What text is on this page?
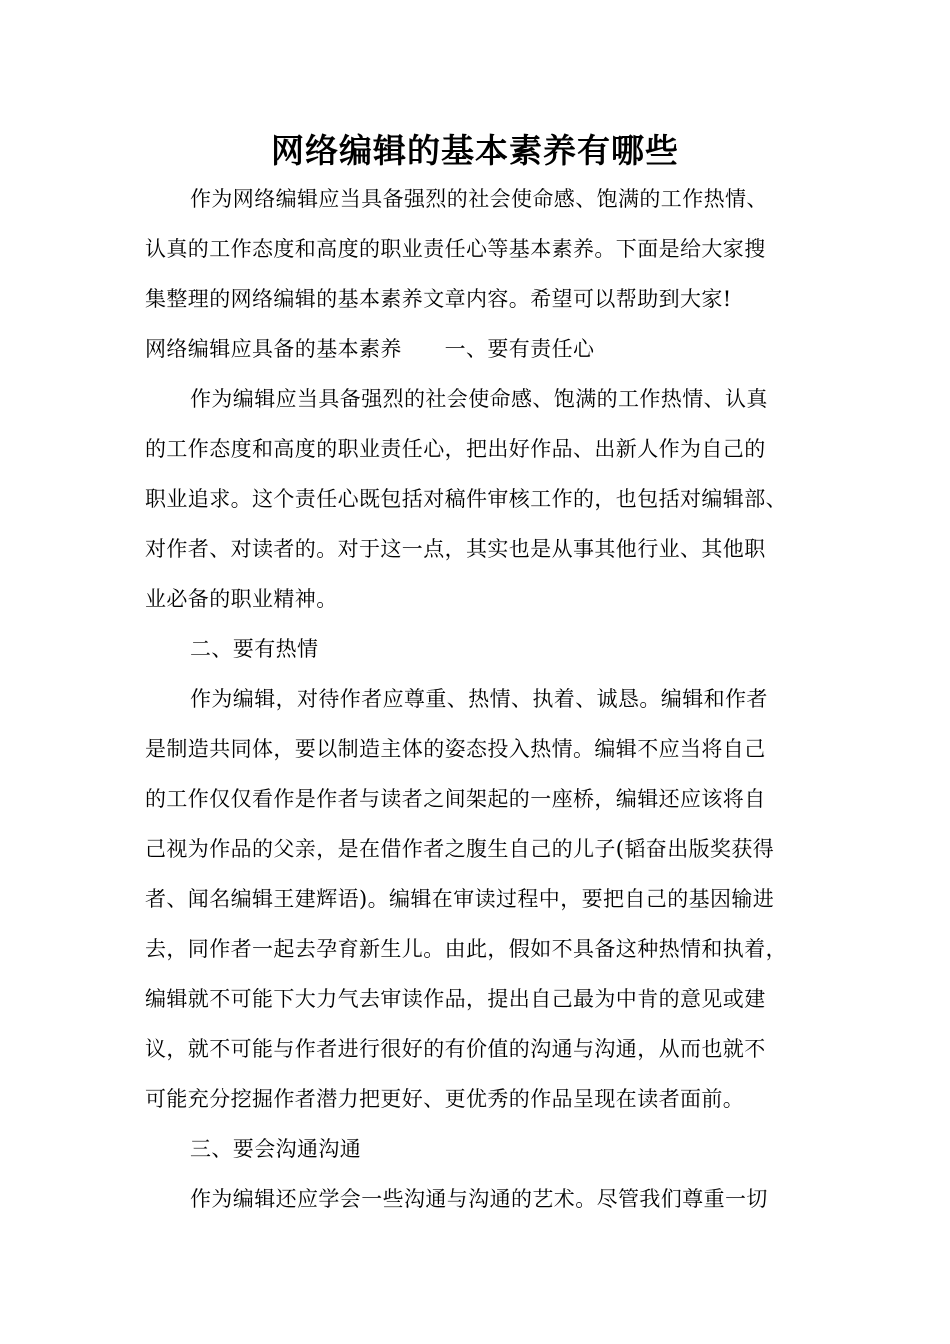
网络编辑的基本素养有哪些
作为网络编辑应当具备强烈的社会使命感、饱满的工作热情、
认真的工作态度和高度的职业责任心等基本素养。下面是给大家搜
集整理的网络编辑的基本素养文章内容。希望可以帮助到大家!
网络编辑应具备的基本素养　　一、要有责任心
作为编辑应当具备强烈的社会使命感、饱满的工作热情、认真
的工作态度和高度的职业责任心，把出好作品、出新人作为自己的
职业追求。这个责任心既包括对稿件审核工作的，也包括对编辑部、
对作者、对读者的。对于这一点，其实也是从事其他行业、其他职
业必备的职业精神。
二、要有热情
作为编辑，对待作者应尊重、热情、执着、诚恳。编辑和作者
是制造共同体，要以制造主体的姿态投入热情。编辑不应当将自己
的工作仅仅看作是作者与读者之间架起的一座桥，编辑还应该将自
己视为作品的父亲，是在借作者之腹生自己的儿子(韬奋出版奖获得
者、闻名编辑王建辉语)。编辑在审读过程中，要把自己的基因输进
去，同作者一起去孕育新生儿。由此，假如不具备这种热情和执着，
编辑就不可能下大力气去审读作品，提出自己最为中肯的意见或建
议，就不可能与作者进行很好的有价值的沟通与沟通，从而也就不
可能充分挖掘作者潜力把更好、更优秀的作品呈现在读者面前。
三、要会沟通沟通
作为编辑还应学会一些沟通与沟通的艺术。尽管我们尊重一切
